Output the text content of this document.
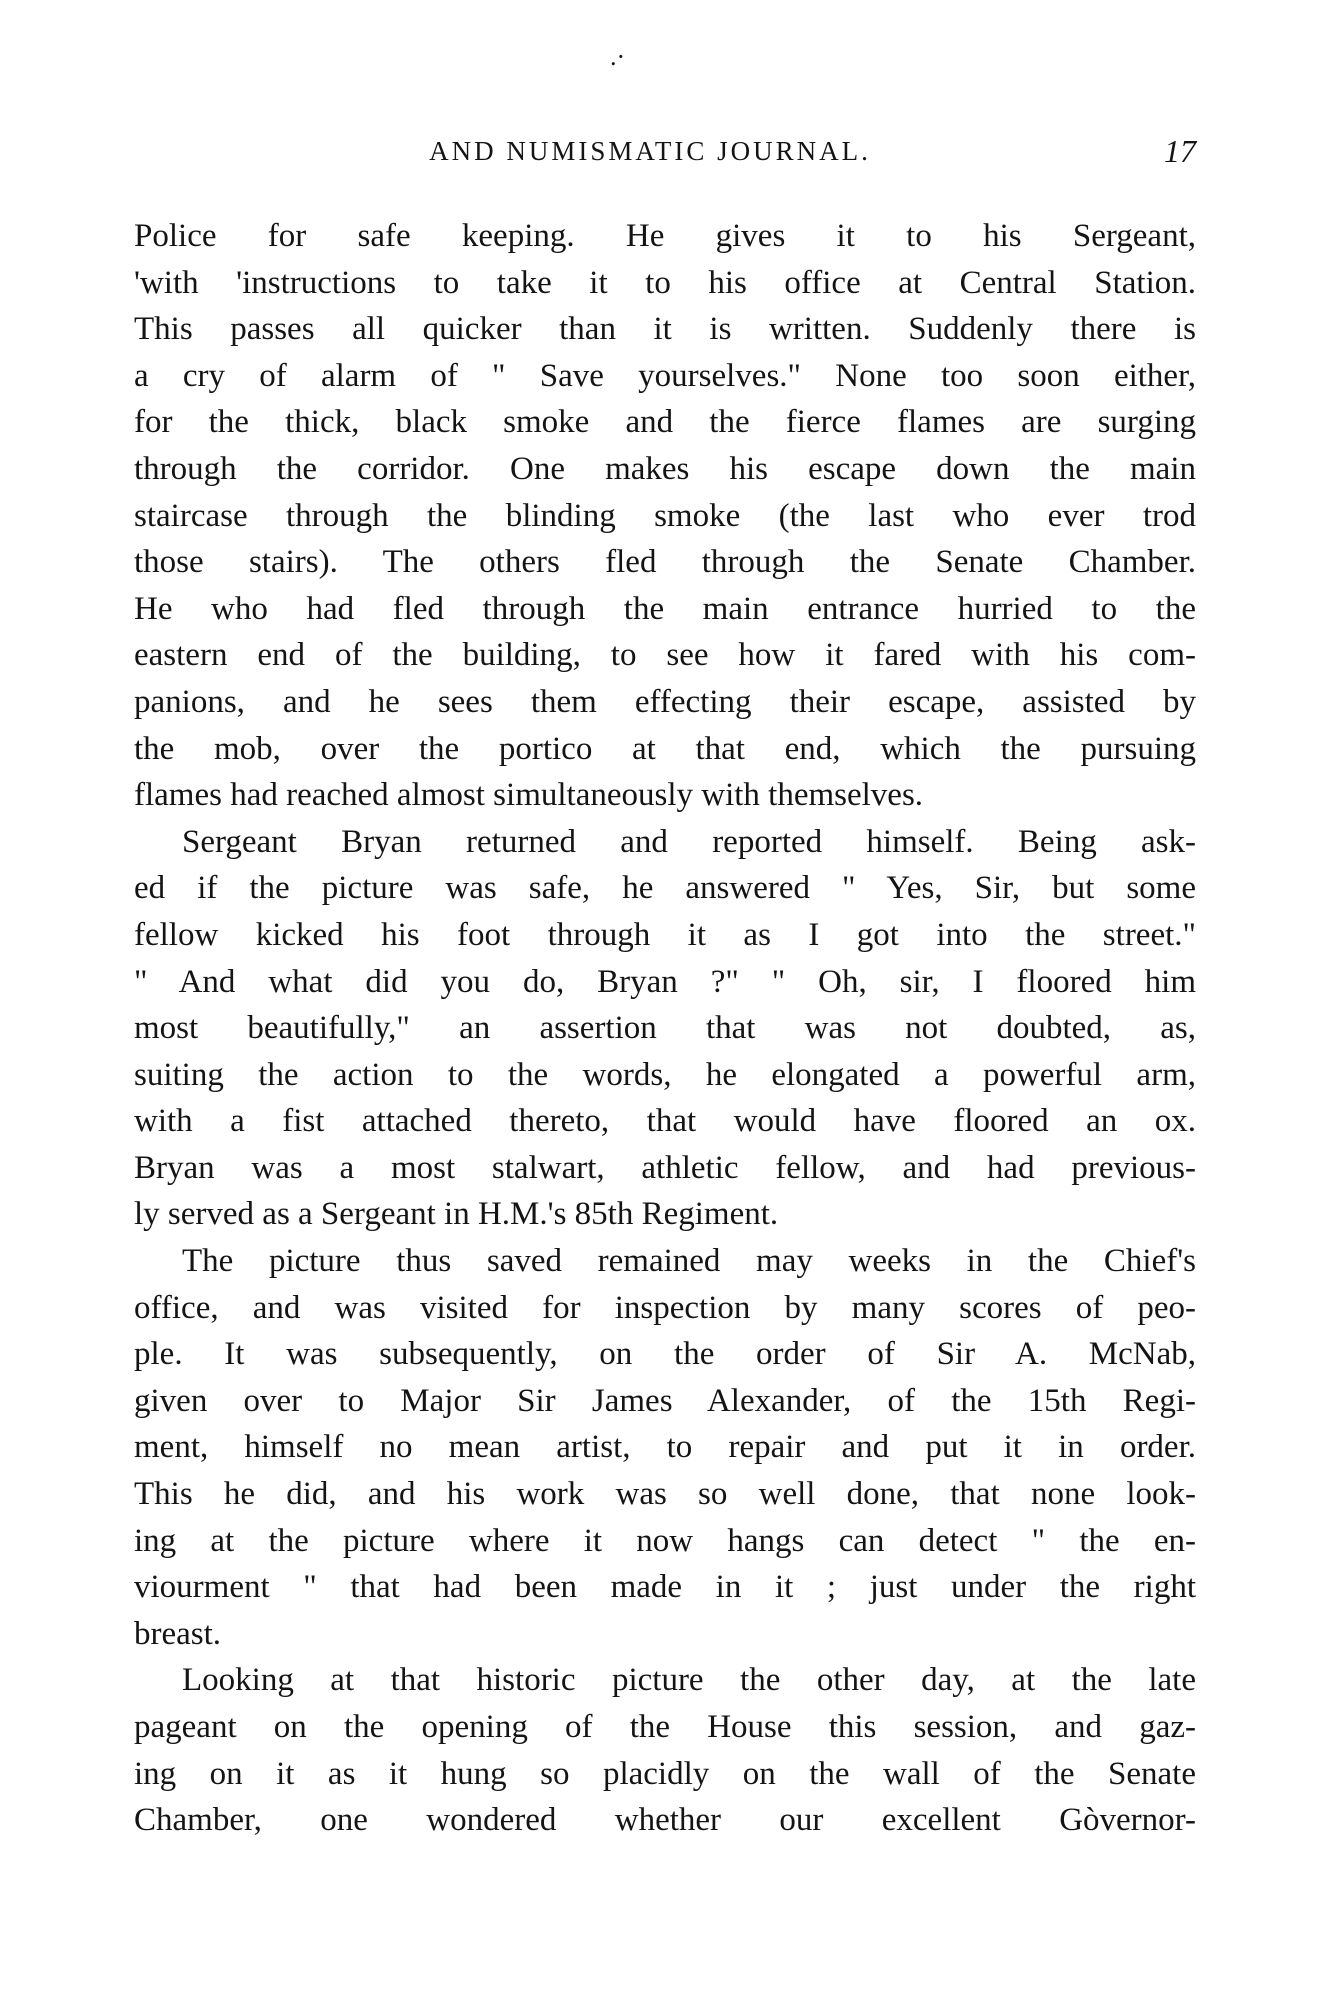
.·
AND NUMISMATIC JOURNAL.	17
Police for safe keeping. He gives it to his Sergeant,
'with 'instructions to take it to his office at Central Station.
This passes all quicker than it is written. Suddenly there is
a cry of alarm of " Save yourselves." None too soon either,
for the thick, black smoke and the fierce flames are surging
through the corridor. One makes his escape down the main
staircase through the blinding smoke (the last who ever trod
those stairs). The others fled through the Senate Chamber.
He who had fled through the main entrance hurried to the
eastern end of the building, to see how it fared with his com-
panions, and he sees them effecting their escape, assisted by
the mob, over the portico at that end, which the pursuing
flames had reached almost simultaneously with themselves.
Sergeant Bryan returned and reported himself. Being ask-
ed if the picture was safe, he answered " Yes, Sir, but some
fellow kicked his foot through it as I got into the street."
" And what did you do, Bryan ?" " Oh, sir, I floored him
most beautifully," an assertion that was not doubted, as,
suiting the action to the words, he elongated a powerful arm,
with a fist attached thereto, that would have floored an ox.
Bryan was a most stalwart, athletic fellow, and had previous-
ly served as a Sergeant in H.M.'s 85th Regiment.
The picture thus saved remained may weeks in the Chief's
office, and was visited for inspection by many scores of peo-
ple. It was subsequently, on the order of Sir A. McNab,
given over to Major Sir James Alexander, of the 15th Regi-
ment, himself no mean artist, to repair and put it in order.
This he did, and his work was so well done, that none look-
ing at the picture where it now hangs can detect " the en-
viourment " that had been made in it ; just under the right
breast.
Looking at that historic picture the other day, at the late
pageant on the opening of the House this session, and gaz-
ing on it as it hung so placidly on the wall of the Senate
Chamber, one wondered whether our excellent Gòvernor-
